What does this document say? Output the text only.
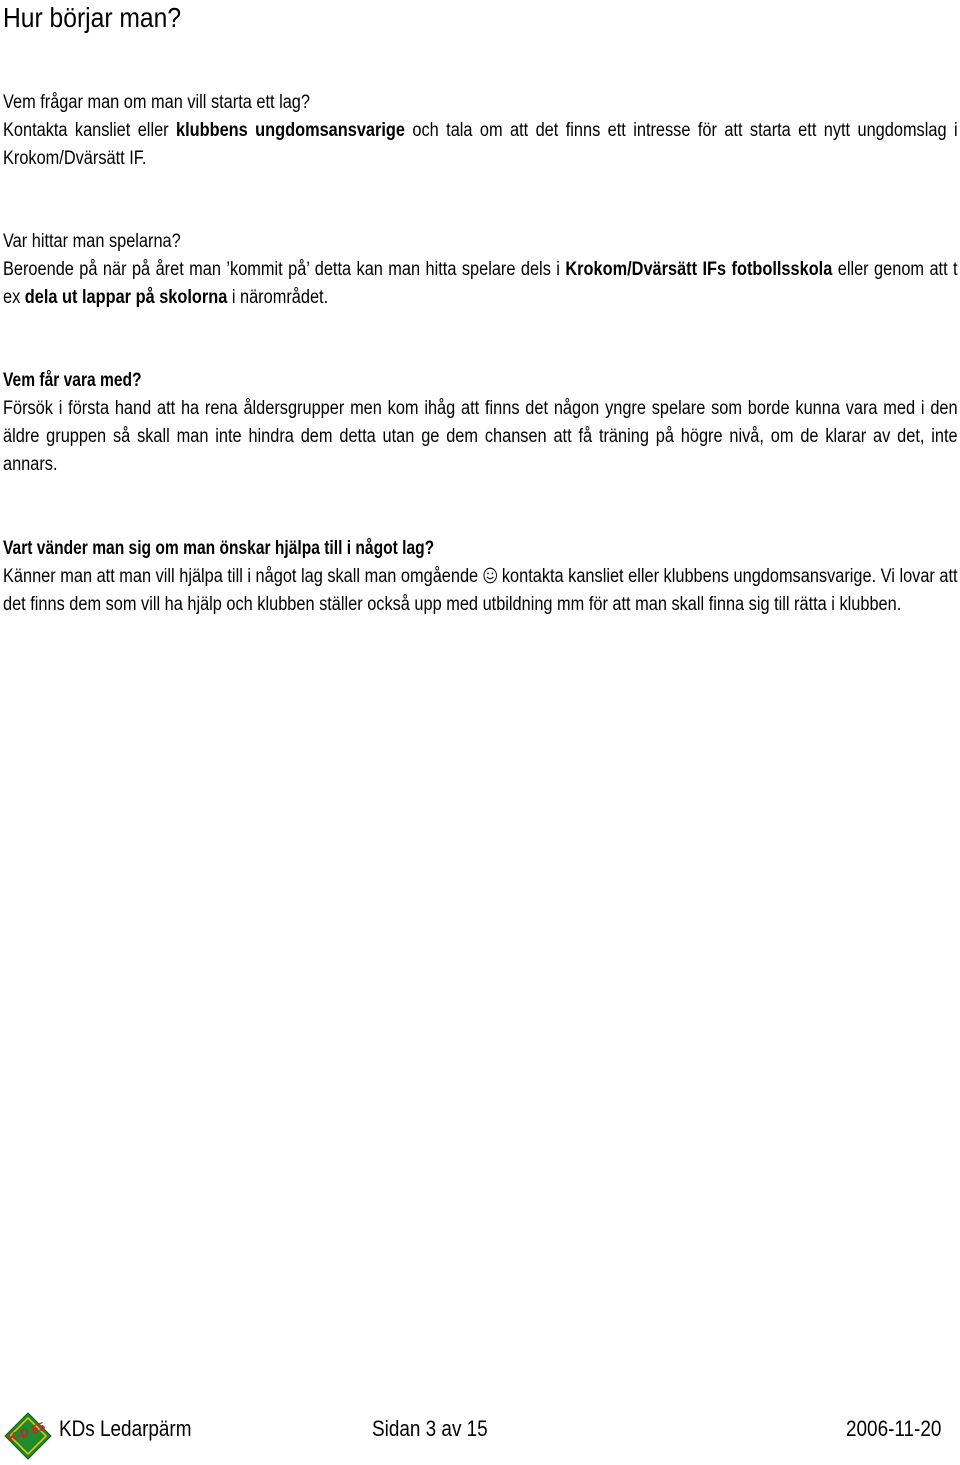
Hur börjar man?

Vem frågar man om man vill starta ett lag?

Kontakta kansliet eller klubbens ungdomsansvarige och tala om att det finns ett intresse för att starta ett nytt ungdomslag i Krokom/Dvärsätt IF.

Var hittar man spelarna?

Beroende på när på året man ’kommit på’ detta kan man hitta spelare dels i Krokom/Dvärsätt IFs fotbollsskola eller genom att t ex dela ut lappar på skolorna i närområdet.

Vem får vara med?

Försök i första hand att ha rena åldersgrupper men kom ihåg att finns det någon yngre spelare som borde kunna vara med i den äldre gruppen så skall man inte hindra dem detta utan ge dem chansen att få träning på högre nivå, om de klarar av det, inte annars.

Vart vänder man sig om man önskar hjälpa till i något lag?

Känner man att man vill hjälpa till i något lag skall man omgående  kontakta kansliet eller klubbens ungdomsansvarige. Vi lovar att det finns dem som vill ha hjälp och klubben ställer också upp med utbildning mm för att man skall finna sig till rätta i klubben.

K-D 55 KDs Ledarpärm	Sidan 3 av 15	2006-11-20
